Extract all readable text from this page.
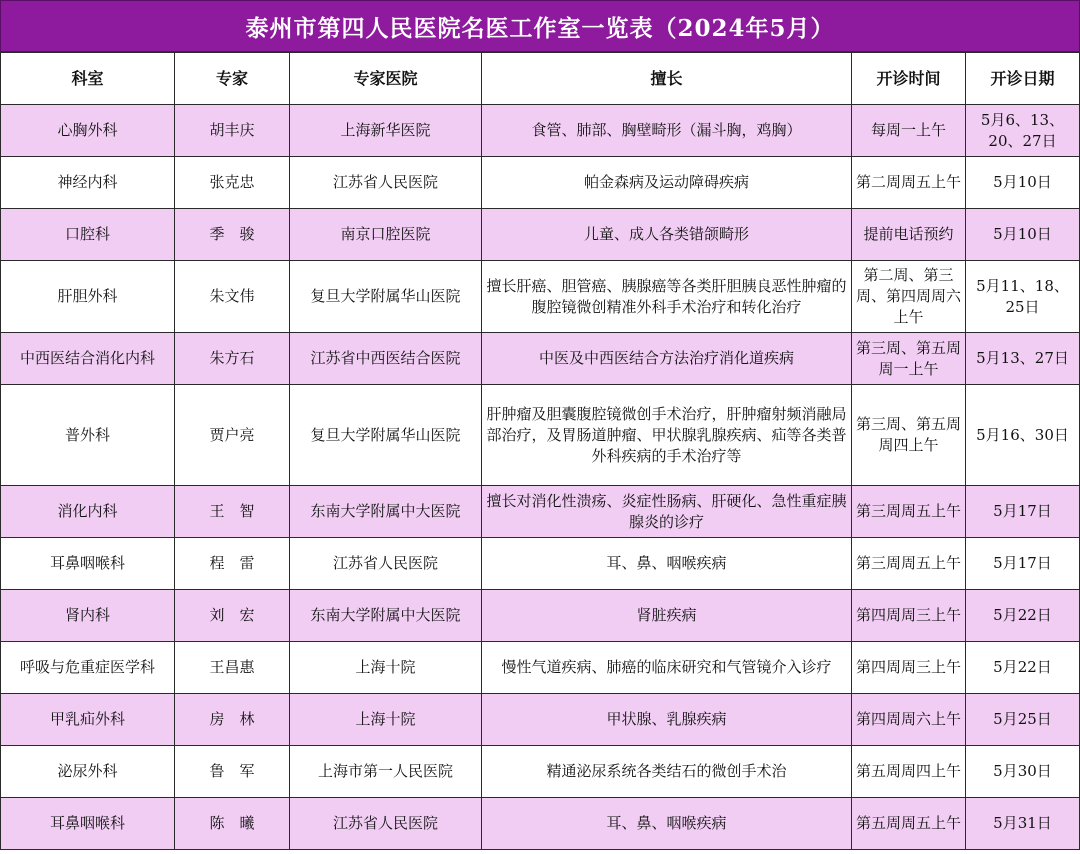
泰州市第四人民医院名医工作室一览表（2024年5月）
科室	专家	专家医院	擅长	开诊时间	开诊日期
心胸外科	胡丰庆	上海新华医院	食管、肺部、胸壁畸形（漏斗胸，鸡胸）	每周一上午	5月6、13、20、27日
神经内科	张克忠	江苏省人民医院	帕金森病及运动障碍疾病	第二周周五上午	5月10日
口腔科	季　骏	南京口腔医院	儿童、成人各类错颌畸形	提前电话预约	5月10日
肝胆外科	朱文伟	复旦大学附属华山医院	擅长肝癌、胆管癌、胰腺癌等各类肝胆胰良恶性肿瘤的腹腔镜微创精准外科手术治疗和转化治疗	第二周、第三周、第四周周六上午	5月11、18、25日
中西医结合消化内科	朱方石	江苏省中西医结合医院	中医及中西医结合方法治疗消化道疾病	第三周、第五周周一上午	5月13、27日
普外科	贾户亮	复旦大学附属华山医院	肝肿瘤及胆囊腹腔镜微创手术治疗，肝肿瘤射频消融局部治疗，及胃肠道肿瘤、甲状腺乳腺疾病、疝等各类普外科疾病的手术治疗等	第三周、第五周周四上午	5月16、30日
消化内科	王　智	东南大学附属中大医院	擅长对消化性溃疡、炎症性肠病、肝硬化、急性重症胰腺炎的诊疗	第三周周五上午	5月17日
耳鼻咽喉科	程　雷	江苏省人民医院	耳、鼻、咽喉疾病	第三周周五上午	5月17日
肾内科	刘　宏	东南大学附属中大医院	肾脏疾病	第四周周三上午	5月22日
呼吸与危重症医学科	王昌惠	上海十院	慢性气道疾病、肺癌的临床研究和气管镜介入诊疗	第四周周三上午	5月22日
甲乳疝外科	房　林	上海十院	甲状腺、乳腺疾病	第四周周六上午	5月25日
泌尿外科	鲁　军	上海市第一人民医院	精通泌尿系统各类结石的微创手术治	第五周周四上午	5月30日
耳鼻咽喉科	陈　曦	江苏省人民医院	耳、鼻、咽喉疾病	第五周周五上午	5月31日
